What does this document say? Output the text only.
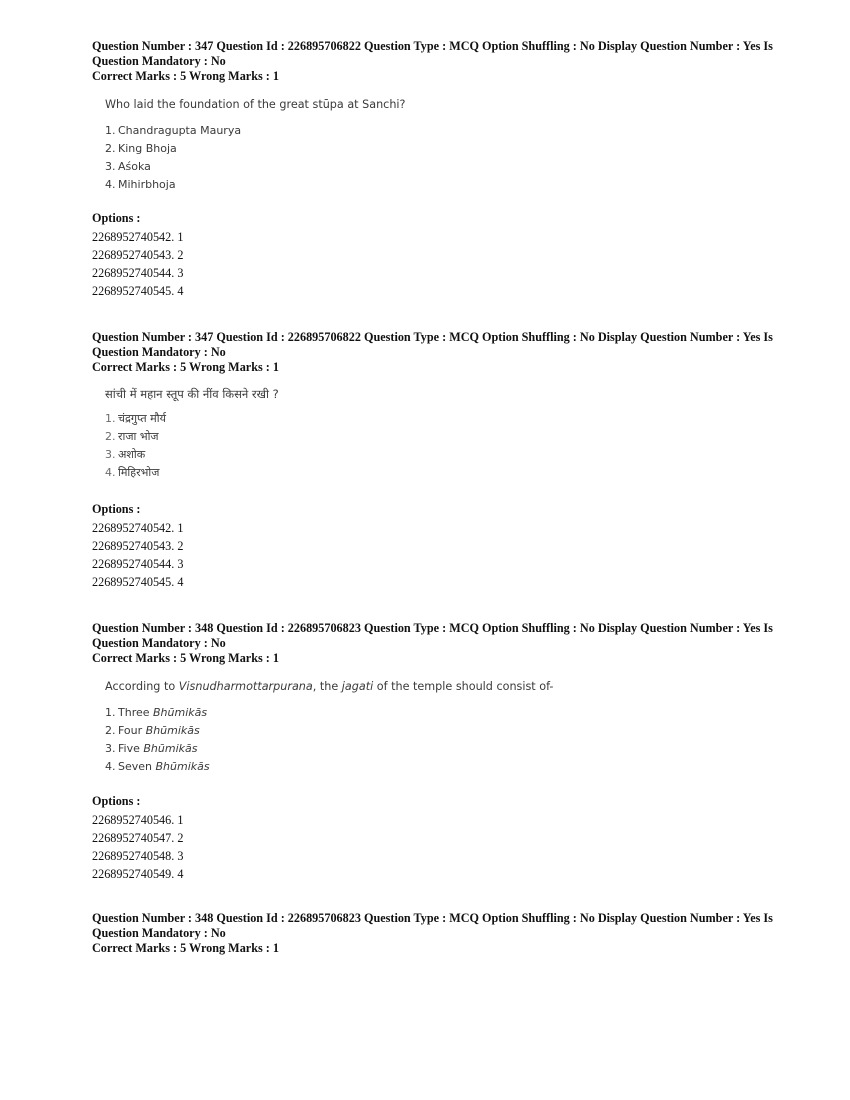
Question Number : 347 Question Id : 226895706822 Question Type : MCQ Option Shuffling : No Display Question Number : Yes Is
Question Mandatory : No
Correct Marks : 5 Wrong Marks : 1
Who laid the foundation of the great stūpa at Sanchi?
1. Chandragupta Maurya
2. King Bhoja
3. Aśoka
4. Mihirbhoja
Options :
2268952740542. 1
2268952740543. 2
2268952740544. 3
2268952740545. 4
Question Number : 347 Question Id : 226895706822 Question Type : MCQ Option Shuffling : No Display Question Number : Yes Is
Question Mandatory : No
Correct Marks : 5 Wrong Marks : 1
सांची में महान स्तूप की नींव किसने रखी ?
1. चंद्रगुप्त मौर्य
2. राजा भोज
3. अशोक
4. मिहिरभोज
Options :
2268952740542. 1
2268952740543. 2
2268952740544. 3
2268952740545. 4
Question Number : 348 Question Id : 226895706823 Question Type : MCQ Option Shuffling : No Display Question Number : Yes Is
Question Mandatory : No
Correct Marks : 5 Wrong Marks : 1
According to Visnudharmottarpurana, the jagati of the temple should consist of-
1. Three Bhūmikās
2. Four Bhūmikās
3. Five Bhūmikās
4. Seven Bhūmikās
Options :
2268952740546. 1
2268952740547. 2
2268952740548. 3
2268952740549. 4
Question Number : 348 Question Id : 226895706823 Question Type : MCQ Option Shuffling : No Display Question Number : Yes Is
Question Mandatory : No
Correct Marks : 5 Wrong Marks : 1
